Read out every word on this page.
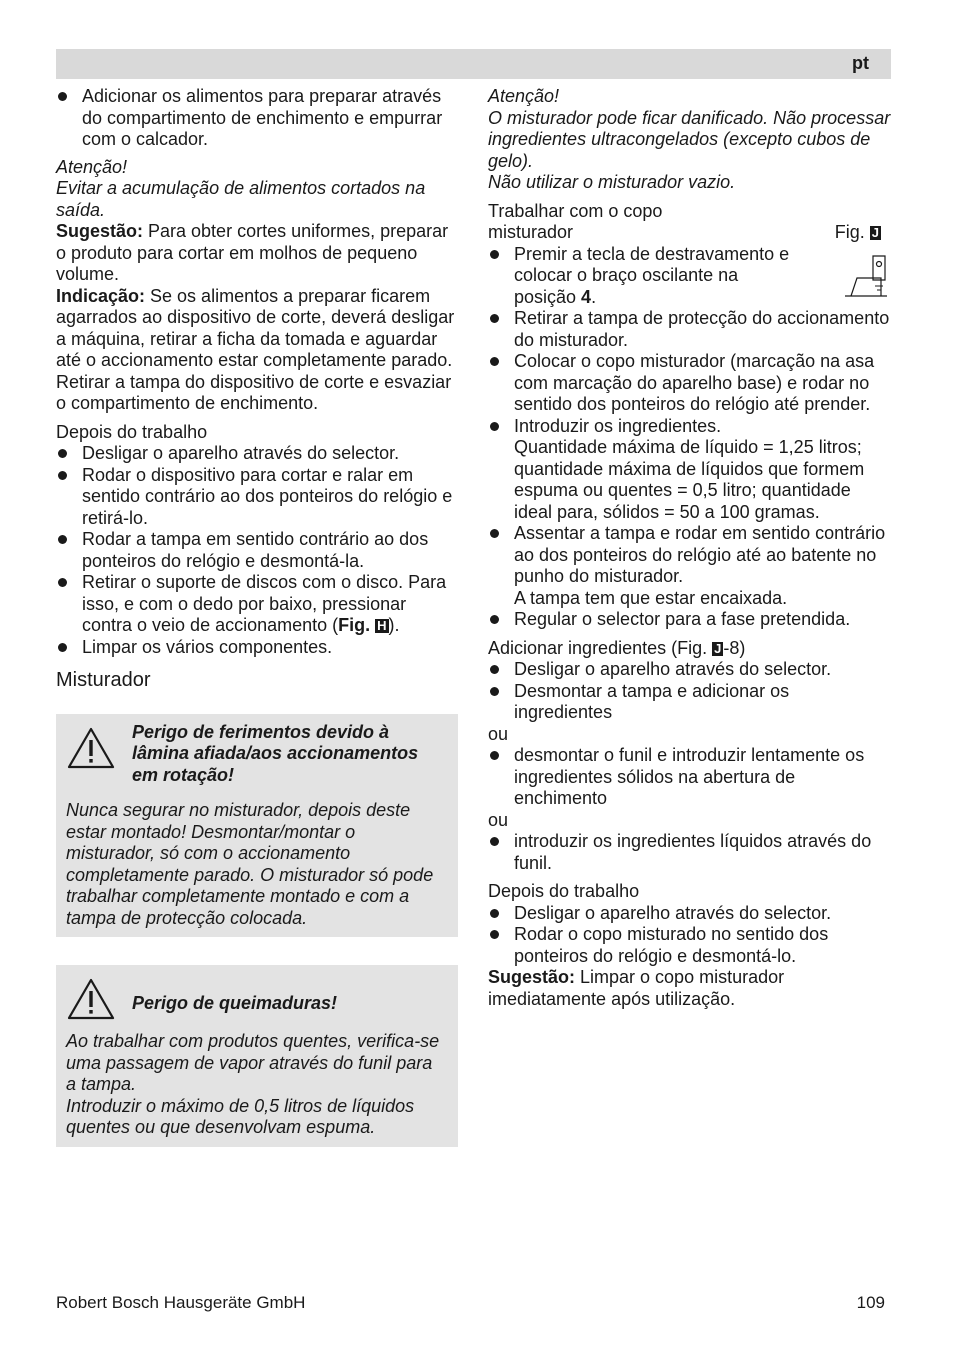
pt
Adicionar os alimentos para preparar através do compartimento de enchimento e empurrar com o calcador.

Atenção!

Evitar a acumulação de alimentos cortados na saída.

Sugestão: Para obter cortes uniformes, preparar o produto para cortar em molhos de pequeno volume.

Indicação: Se os alimentos a preparar ficarem agarrados ao dispositivo de corte, deverá desligar a máquina, retirar a ficha da tomada e aguardar até o accionamento estar completamente parado. Retirar a tampa do dispositivo de corte e esvaziar o compartimento de enchimento.

Depois do trabalho

Desligar o aparelho através do selector.
Rodar o dispositivo para cortar e ralar em sentido contrário ao dos ponteiros do relógio e retirá-lo.
Rodar a tampa em sentido contrário ao dos ponteiros do relógio e desmontá-la.
Retirar o suporte de discos com o disco. Para isso, e com o dedo por baixo, pressionar contra o veio de accionamento (Fig. H ).
Limpar os vários componentes.

Misturador

Perigo de ferimentos devido à lâmina afiada/aos accionamentos em rotação!

Nunca segurar no misturador, depois deste estar montado! Desmontar/montar o misturador, só com o accionamento completamente parado. O misturador só pode trabalhar completamente montado e com a tampa de protecção colocada.

Perigo de queimaduras!

Ao trabalhar com produtos quentes, verifica-se uma passagem de vapor através do funil para a tampa.

Introduzir o máximo de 0,5 litros de líquidos quentes ou que desenvolvam espuma.

Atenção!

O misturador pode ficar danificado. Não processar ingredientes ultracongelados (excepto cubos de gelo).

Não utilizar o misturador vazio.

Trabalhar com o copo

misturador	Fig. J
Premir a tecla de destravamento e colocar o braço oscilante na posição 4.
Retirar a tampa de protecção do accionamento do misturador.
Colocar o copo misturador (marcação na asa com marcação do aparelho base) e rodar no sentido dos ponteiros do relógio até prender.
Introduzir os ingredientes.
Quantidade máxima de líquido = 1,25 litros; quantidade máxima de líquidos que formem espuma ou quentes = 0,5 litro; quantidade ideal para, sólidos = 50 a 100 gramas.
Assentar a tampa e rodar em sentido contrário ao dos ponteiros do relógio até ao batente no punho do misturador.
A tampa tem que estar encaixada.
Regular o selector para a fase pretendida.

Adicionar ingredientes (Fig. J -8)

Desligar o aparelho através do selector.
Desmontar a tampa e adicionar os ingredientes

ou

desmontar o funil e introduzir lentamente os ingredientes sólidos na abertura de enchimento

ou

introduzir os ingredientes líquidos através do funil.

Depois do trabalho

Desligar o aparelho através do selector.
Rodar o copo misturado no sentido dos ponteiros do relógio e desmontá-lo.

Sugestão: Limpar o copo misturador imediatamente após utilização.

Robert Bosch Hausgeräte GmbH	109
